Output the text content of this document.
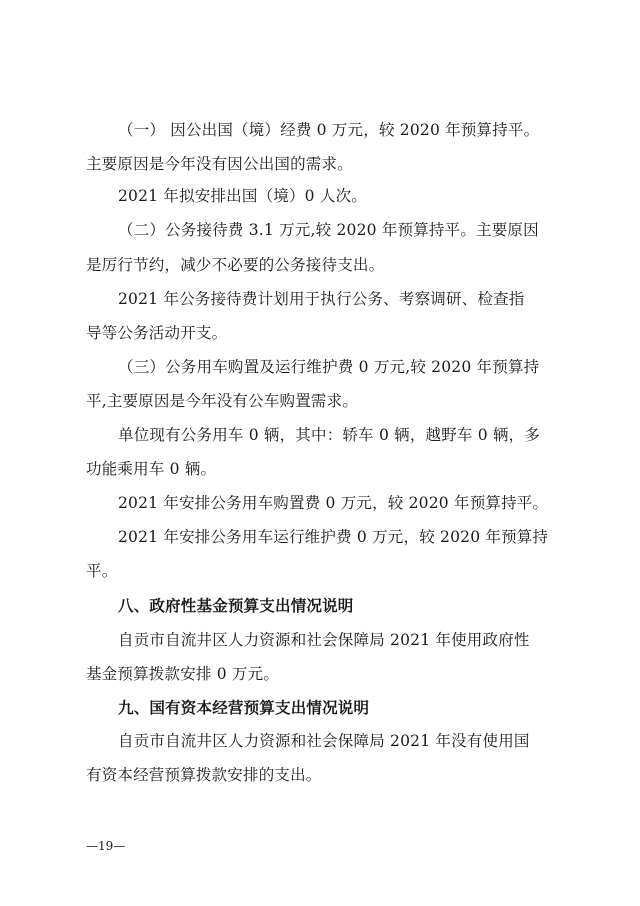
（一） 因公出国（境）经费 0 万元，较 2020 年预算持平。
主要原因是今年没有因公出国的需求。
2021 年拟安排出国（境）0 人次。
（二）公务接待费 3.1 万元,较 2020 年预算持平。主要原因
是厉行节约，减少不必要的公务接待支出。
2021 年公务接待费计划用于执行公务、考察调研、检查指
导等公务活动开支。
（三）公务用车购置及运行维护费 0 万元,较 2020 年预算持
平,主要原因是今年没有公车购置需求。
单位现有公务用车 0 辆，其中：轿车 0 辆，越野车 0 辆，多
功能乘用车 0 辆。
2021 年安排公务用车购置费 0 万元，较 2020 年预算持平。
2021 年安排公务用车运行维护费 0 万元，较 2020 年预算持
平。
八、政府性基金预算支出情况说明
自贡市自流井区人力资源和社会保障局 2021 年使用政府性
基金预算拨款安排 0 万元。
九、国有资本经营预算支出情况说明
自贡市自流井区人力资源和社会保障局 2021 年没有使用国
有资本经营预算拨款安排的支出。
—19—
